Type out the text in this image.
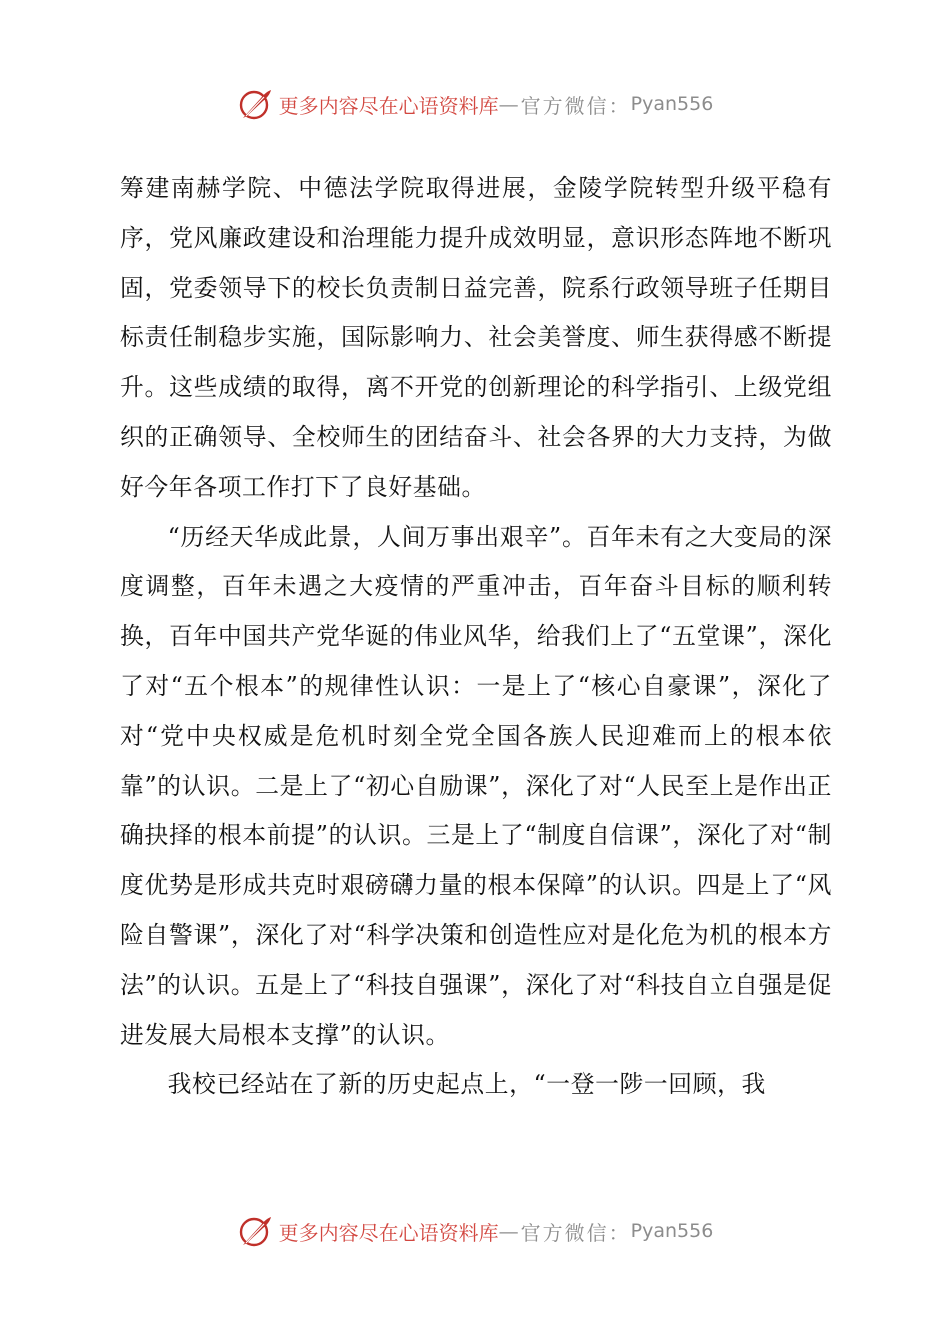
更多内容尽在心语资料库 — 官方微信： Pyan556

筹建南赫学院、中德法学院取得进展，金陵学院转型升级平稳有序，党风廉政建设和治理能力提升成效明显，意识形态阵地不断巩固，党委领导下的校长负责制日益完善，院系行政领导班子任期目标责任制稳步实施，国际影响力、社会美誉度、师生获得感不断提升。这些成绩的取得，离不开党的创新理论的科学指引、上级党组织的正确领导、全校师生的团结奋斗、社会各界的大力支持，为做好今年各项工作打下了良好基础。

“历经天华成此景，人间万事出艰辛”。百年未有之大变局的深度调整，百年未遇之大疫情的严重冲击，百年奋斗目标的顺利转换，百年中国共产党华诞的伟业风华，给我们上了“五堂课”，深化了对“五个根本”的规律性认识：一是上了“核心自豪课”，深化了对“党中央权威是危机时刻全党全国各族人民迎难而上的根本依靠”的认识。二是上了“初心自励课”，深化了对“人民至上是作出正确抉择的根本前提”的认识。三是上了“制度自信课”，深化了对“制度优势是形成共克时艰磅礴力量的根本保障”的认识。四是上了“风险自警课”，深化了对“科学决策和创造性应对是化危为机的根本方法”的认识。五是上了“科技自强课”，深化了对“科技自立自强是促进发展大局根本支撑”的认识。

我校已经站在了新的历史起点上，“一登一陟一回顾，我

更多内容尽在心语资料库 — 官方微信： Pyan556
